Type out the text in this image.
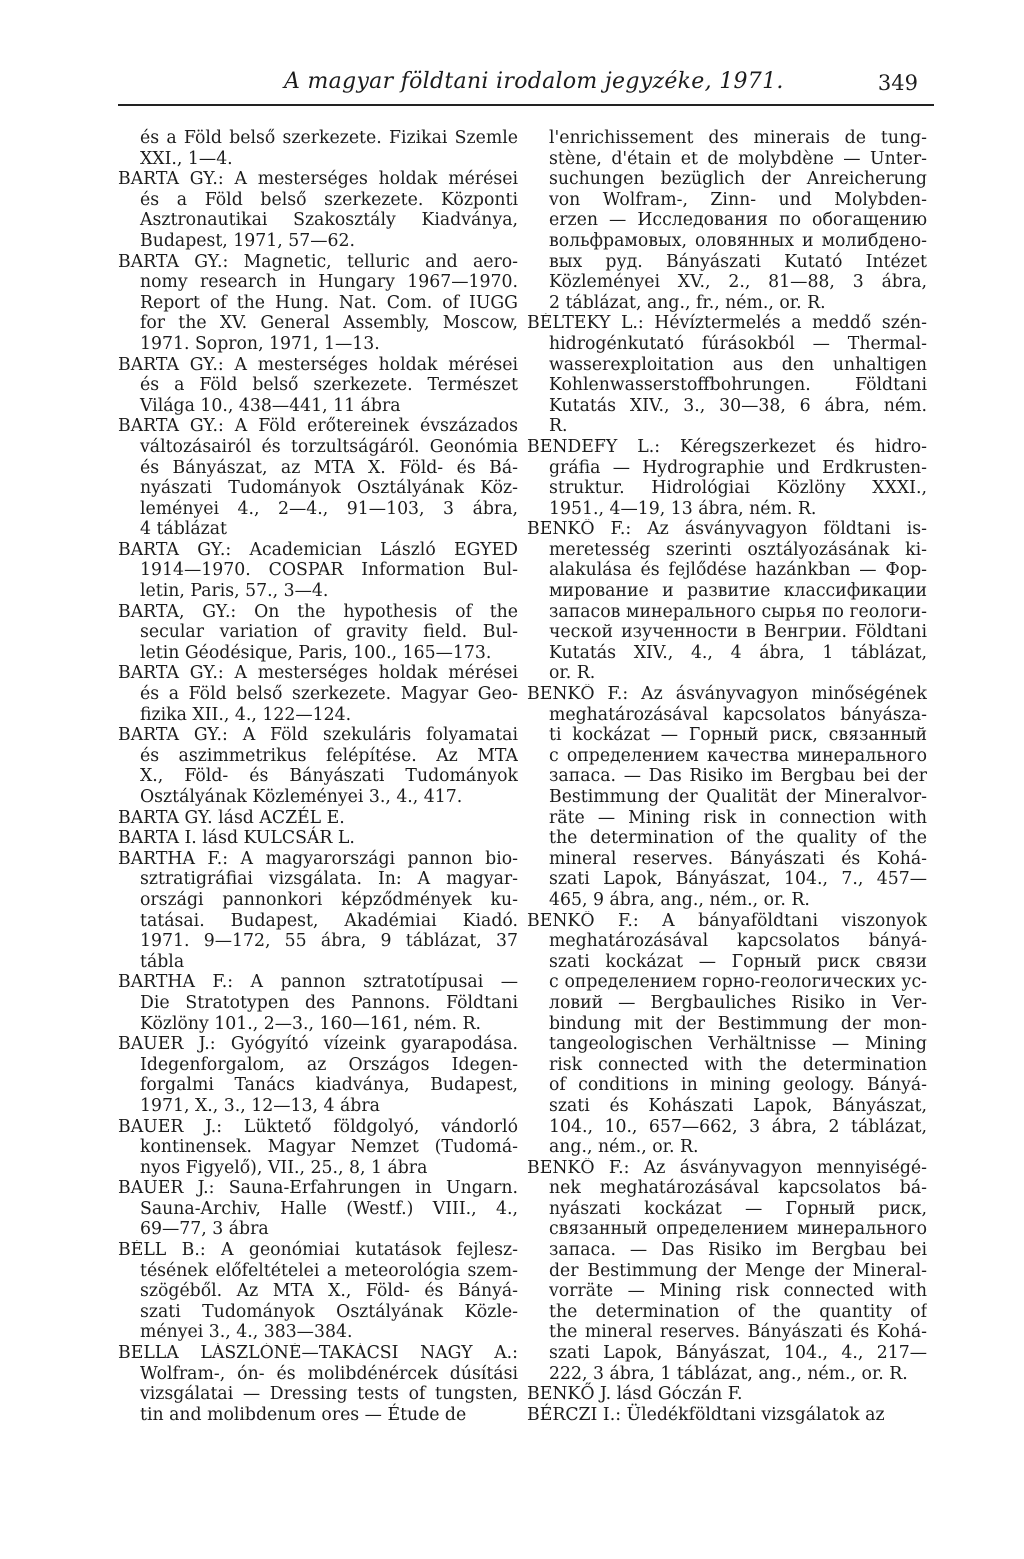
A magyar földtani irodalom jegyzéke, 1971.	349
és a Föld belső szerkezete. Fizikai Szemle
XXI., 1—4.
BARTA GY.: A mesterséges holdak mérései
és a Föld belső szerkezete. Központi
Asztronautikai Szakosztály Kiadványa,
Budapest, 1971, 57—62.
BARTA GY.: Magnetic, telluric and aero-
nomy research in Hungary 1967—1970.
Report of the Hung. Nat. Com. of IUGG
for the XV. General Assembly, Moscow,
1971. Sopron, 1971, 1—13.
BARTA GY.: A mesterséges holdak mérései
és a Föld belső szerkezete. Természet
Világa 10., 438—441, 11 ábra
BARTA GY.: A Föld erőtereinek évszázados
változásairól és torzultságáról. Geonómia
és Bányászat, az MTA X. Föld- és Bá-
nyászati Tudományok Osztályának Köz-
leményei 4., 2—4., 91—103, 3 ábra,
4 táblázat
BARTA GY.: Academician László EGYED
1914—1970. COSPAR Information Bul-
letin, Paris, 57., 3—4.
BARTA, GY.: On the hypothesis of the
secular variation of gravity field. Bul-
letin Géodésique, Paris, 100., 165—173.
BARTA GY.: A mesterséges holdak mérései
és a Föld belső szerkezete. Magyar Geo-
fizika XII., 4., 122—124.
BARTA GY.: A Föld szekuláris folyamatai
és aszimmetrikus felépítése. Az MTA
X., Föld- és Bányászati Tudományok
Osztályának Közleményei 3., 4., 417.
BARTA GY. lásd ACZÉL E.
BARTA I. lásd KULCSÁR L.
BARTHA F.: A magyarországi pannon bio-
sztratigráfiai vizsgálata. In: A magyar-
országi pannonkori képződmények ku-
tatásai. Budapest, Akadémiai Kiadó.
1971. 9—172, 55 ábra, 9 táblázat, 37
tábla
BARTHA F.: A pannon sztratotípusai —
Die Stratotypen des Pannons. Földtani
Közlöny 101., 2—3., 160—161, ném. R.
BAUER J.: Gyógyító vízeink gyarapodása.
Idegenforgalom, az Országos Idegen-
forgalmi Tanács kiadványa, Budapest,
1971, X., 3., 12—13, 4 ábra
BAUER J.: Lüktető földgolyó, vándorló
kontinensek. Magyar Nemzet (Tudomá-
nyos Figyelő), VII., 25., 8, 1 ábra
BAUER J.: Sauna-Erfahrungen in Ungarn.
Sauna-Archiv, Halle (Westf.) VIII., 4.,
69—77, 3 ábra
BÉLL B.: A geonómiai kutatások fejlesz-
tésének előfeltételei a meteorológia szem-
szögéből. Az MTA X., Föld- és Bányá-
szati Tudományok Osztályának Közle-
ményei 3., 4., 383—384.
BELLA LÁSZLÓNÉ—TAKÁCSI NAGY A.:
Wolfram-, ón- és molibdénércek dúsítási
vizsgálatai — Dressing tests of tungsten,
tin and molibdenum ores — Étude de
l'enrichissement des minerais de tung-
stène, d'étain et de molybdène — Unter-
suchungen bezüglich der Anreicherung
von Wolfram-, Zinn- und Molybden-
erzen — Исследования по обогащению
вольфрамовых, оловянных и молибдено-
вых руд. Bányászati Kutató Intézet
Közleményei XV., 2., 81—88, 3 ábra,
2 táblázat, ang., fr., ném., or. R.
BÉLTEKY L.: Hévíztermelés a meddő szén-
hidrogénkutató fúrásokból — Thermal-
wasserexploitation aus den unhaltigen
Kohlenwasserstoffbohrungen. Földtani
Kutatás XIV., 3., 30—38, 6 ábra, ném.
R.
BENDEFY L.: Kéregszerkezet és hidro-
gráfia — Hydrographie und Erdkrusten-
struktur. Hidrológiai Közlöny XXXI.,
1951., 4—19, 13 ábra, ném. R.
BENKŐ F.: Az ásványvagyon földtani is-
meretesség szerinti osztályozásának ki-
alakulása és fejlődése hazánkban — Фор-
мирование и развитие классификации
запасов минерального сырья по геологи-
ческой изученности в Венгрии. Földtani
Kutatás XIV., 4., 4 ábra, 1 táblázat,
or. R.
BENKŐ F.: Az ásványvagyon minőségének
meghatározásával kapcsolatos bányásza-
ti kockázat — Горный риск, связанный
с определением качества минерального
запаса. — Das Risiko im Bergbau bei der
Bestimmung der Qualität der Mineralvor-
räte — Mining risk in connection with
the determination of the quality of the
mineral reserves. Bányászati és Kohá-
szati Lapok, Bányászat, 104., 7., 457—
465, 9 ábra, ang., ném., or. R.
BENKŐ F.: A bányaföldtani viszonyok
meghatározásával kapcsolatos bányá-
szati kockázat — Горный риск связи
с определением горно-геологических ус-
ловий — Bergbauliches Risiko in Ver-
bindung mit der Bestimmung der mon-
tangeologischen Verhältnisse — Mining
risk connected with the determination
of conditions in mining geology. Bányá-
szati és Kohászati Lapok, Bányászat,
104., 10., 657—662, 3 ábra, 2 táblázat,
ang., ném., or. R.
BENKŐ F.: Az ásványvagyon mennyiségé-
nek meghatározásával kapcsolatos bá-
nyászati kockázat — Горный риск,
связанный определением минерального
запаса. — Das Risiko im Bergbau bei
der Bestimmung der Menge der Mineral-
vorräte — Mining risk connected with
the determination of the quantity of
the mineral reserves. Bányászati és Kohá-
szati Lapok, Bányászat, 104., 4., 217—
222, 3 ábra, 1 táblázat, ang., ném., or. R.
BENKŐ J. lásd Góczán F.
BÉRCZI I.: Üledékföldtani vizsgálatok az
